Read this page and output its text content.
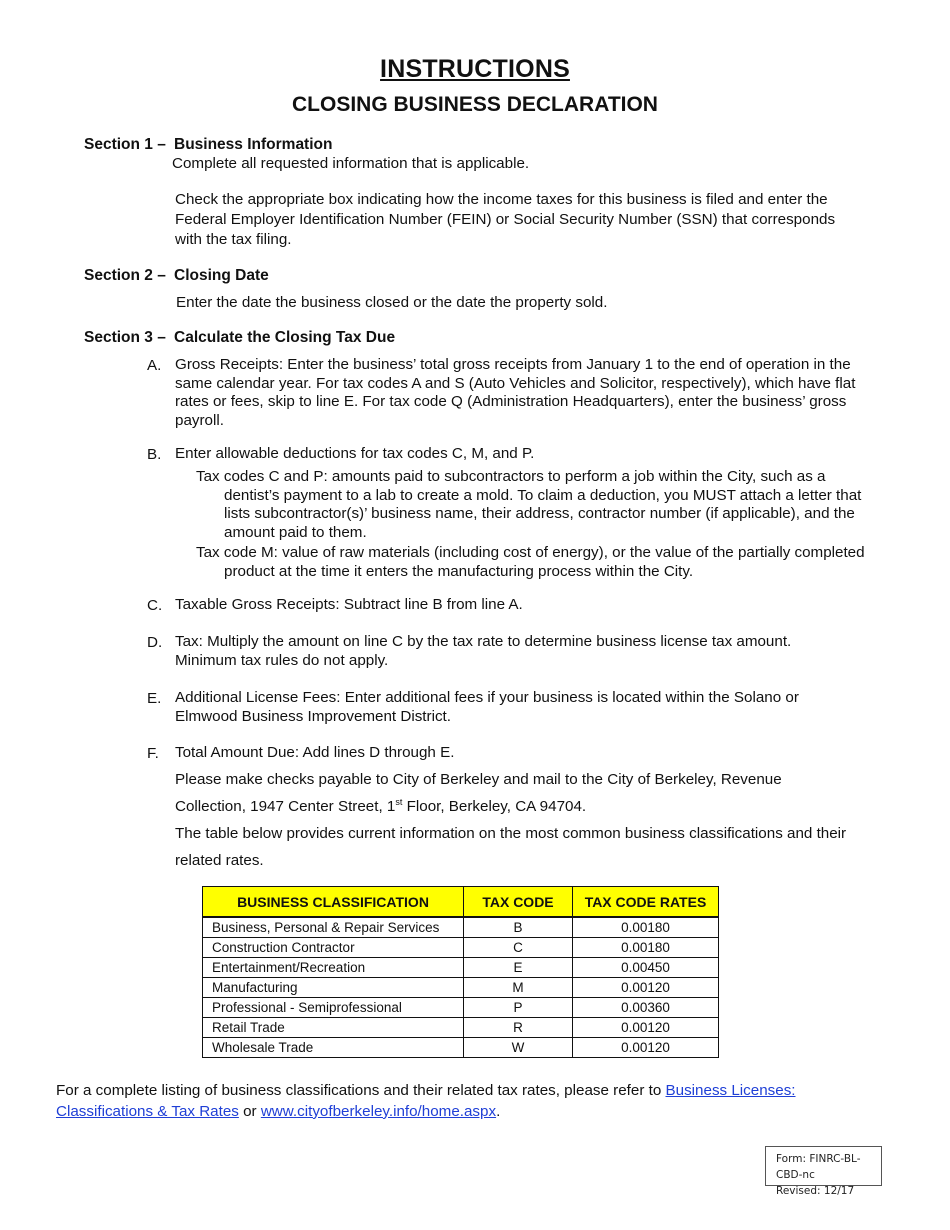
INSTRUCTIONS
CLOSING BUSINESS DECLARATION
Section 1 – Business Information
Complete all requested information that is applicable.
Check the appropriate box indicating how the income taxes for this business is filed and enter the Federal Employer Identification Number (FEIN) or Social Security Number (SSN) that corresponds with the tax filing.
Section 2 – Closing Date
Enter the date the business closed or the date the property sold.
Section 3 – Calculate the Closing Tax Due
A. Gross Receipts: Enter the business’ total gross receipts from January 1 to the end of operation in the same calendar year. For tax codes A and S (Auto Vehicles and Solicitor, respectively), which have flat rates or fees, skip to line E. For tax code Q (Administration Headquarters), enter the business’ gross payroll.
B. Enter allowable deductions for tax codes C, M, and P.
Tax codes C and P: amounts paid to subcontractors to perform a job within the City, such as a dentist’s payment to a lab to create a mold. To claim a deduction, you MUST attach a letter that lists subcontractor(s)’ business name, their address, contractor number (if applicable), and the amount paid to them.
Tax code M: value of raw materials (including cost of energy), or the value of the partially completed product at the time it enters the manufacturing process within the City.
C. Taxable Gross Receipts: Subtract line B from line A.
D. Tax: Multiply the amount on line C by the tax rate to determine business license tax amount. Minimum tax rules do not apply.
E. Additional License Fees: Enter additional fees if your business is located within the Solano or Elmwood Business Improvement District.
F. Total Amount Due: Add lines D through E.
Please make checks payable to City of Berkeley and mail to the City of Berkeley, Revenue
Collection, 1947 Center Street, 1st Floor, Berkeley, CA 94704.
The table below provides current information on the most common business classifications and their related rates.
BUSINESS CLASSIFICATION	TAX CODE	TAX CODE RATES
Business, Personal & Repair Services	B	0.00180
Construction Contractor	C	0.00180
Entertainment/Recreation	E	0.00450
Manufacturing	M	0.00120
Professional - Semiprofessional	P	0.00360
Retail Trade	R	0.00120
Wholesale Trade	W	0.00120
For a complete listing of business classifications and their related tax rates, please refer to Business Licenses: Classifications & Tax Rates or www.cityofberkeley.info/home.aspx.
Form: FINRC-BL-CBD-nc
Revised: 12/17
